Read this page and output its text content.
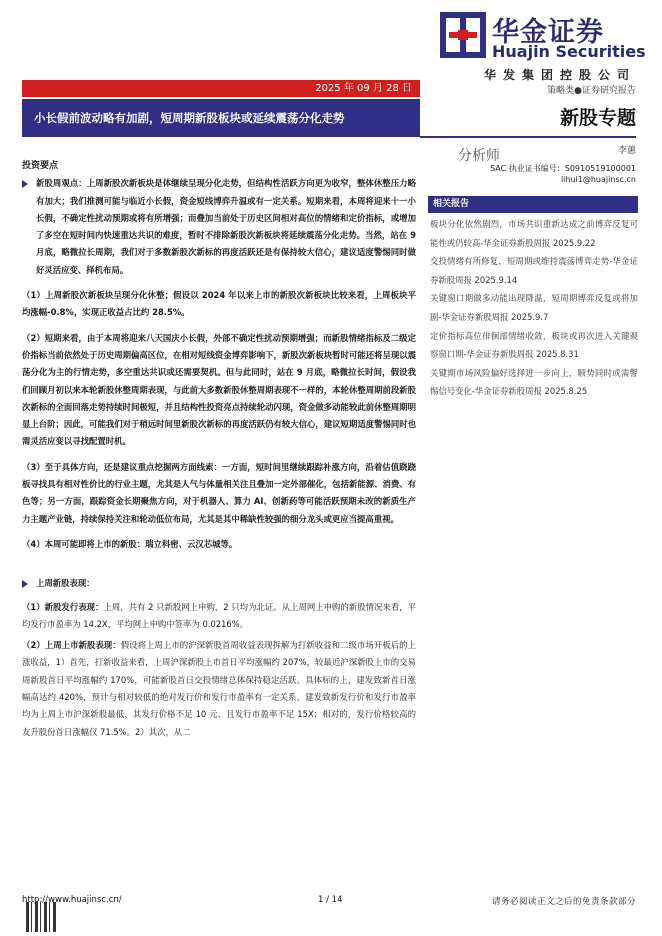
华金证券
Huajin Securities
华发集团控股公司
2025 年 09 月 28 日	策略类●证券研究报告
小长假前波动略有加剧，短周期新股板块或延续震荡分化走势	新股专题
分析师	李蕙
SAC 执业证书编号：S0910519100001
lihui1@huajinsc.cn
相关报告

板块分化依然剧烈，市场共识重新达成之前博弈反复可能性或仍较高-华金证券新股周报 2025.9.22

交投情绪有所修复，短周期或维持震荡博弈走势-华金证券新股周报 2025.9.14

关键窗口期做多动能出现降温，短周期博弈反复或将加剧-华金证券新股周报 2025.9.7

定价指标高位徘徊部情绪收敛，板块或再次进入关键观察窗口期-华金证券新股周报 2025.8.31

关键期市场风险偏好选择进一步向上，顺势同时或需警惕信号变化-华金证券新股周报 2025.8.25

投资要点

新股周观点：上周新股次新板块是体继续呈现分化走势，但结构性活跃方向更为收窄，整体休整压力略有加大；我们推测可能与临近小长假，资金短线博弈升温或有一定关系。短期来看，本周将迎来十一小长假，不确定性扰动预期或将有所增强；而叠加当前处于历史区间相对高位的情绪和定价指标，或增加了多空在短时间内快速重达共识的难度，暂时不排除新股次新板块将延续震荡分化走势。当然，站在 9 月底，略微拉长周期，我们对于多数新股次新标的再度活跃还是有保持较大信心，建议适度警惕同时做好灵活应变、择机布局。

（1）上周新股次新板块呈现分化休整；假设以 2024 年以来上市的新股次新板块比较来看，上周板块平均涨幅-0.8%，实现正收益占比约 28.5%。

（2）短期来看，由于本周将迎来八天国庆小长假，外部不确定性扰动预期增强；而新股情绪指标及二级定价指标当前依然处于历史周期偏高区位，在相对短线资金博弈影响下，新股次新板块暂时可能还将呈现以震荡分化为主的行情走势，多空重达共识或还需要契机。但与此同时，站在 9 月底，略微拉长时间，假设我们回顾月初以来本轮新股休整周期表现，与此前大多数新股休整周期表现不一样的，本轮休整周期前段新股次新标的全面回落走势持续时间极短，并且结构性投资亮点持续轮动闪现，资金做多动能较此前休整周期明显上台阶；因此，可能我们对于稍远时间里新股次新标的再度活跃仍有较大信心，建议短期适度警惕同时也需灵活应变以寻找配置时机。

（3）至于具体方向，还是建议重点挖掘两方面线索：一方面，短时间里继续跟踪补涨方向，沿着估值跷跷板寻找具有相对性价比的行业主题，尤其是人气与体量相关注且叠加一定外部催化，包括新能源、消费、有色等；另一方面，跟踪资金长期聚焦方向，对于机器人、算力 AI、创新药等可能活跃预期未改的新质生产力主题产业链，持续保持关注和轮动低位布局，尤其是其中稀缺性较强的细分龙头或更应当提高重视。

（4）本周可能即将上市的新股：瑞立科密、云汉芯城等。

上周新股表现：

（1）新股发行表现：上周，共有 2 只新股网上申购，2 只均为北证。从上周网上申购的新股情况来看，平均发行市盈率为 14.2X，平均网上申购中签率为 0.0216%。

（2）上周上市新股表现：假设将上周上市的沪深新股首周收益表现拆解为打新收益和二级市场开板后的上涨收益，1）首先，打新收益来看，上周沪深新股上市首日平均涨幅约 207%，较最近沪深新股上市的交易周新股首日平均涨幅约 170%，可能新股首日交投情绪总体保持稳定活跃。具体标的上，建发致新首日涨幅高达约 420%，预计与相对较低的绝对发行价和发行市盈率有一定关系，建发致新发行价和发行市盈率均为上周上市沪深新股最低，其发行价格不足 10 元、且发行市盈率不足 15X；相对的，发行价格较高的友升股份首日涨幅仅 71.5%。2）其次，从二

http://www.huajinsc.cn/	1 / 14	请务必阅读正文之后的免责条款部分
